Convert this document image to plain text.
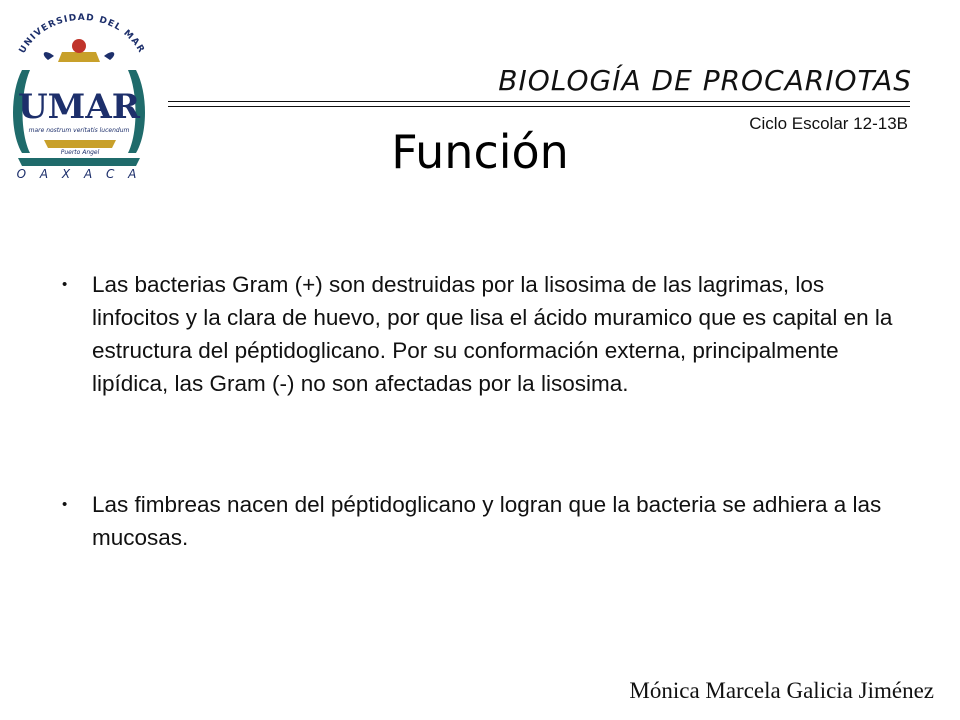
UNIVERSIDAD DEL MAR
UMAR
mare nostrum veritatis lucendum
Puerto Angel
O A X A C A
BIOLOGÍA DE PROCARIOTAS
Ciclo Escolar 12-13B
Función
• Las bacterias Gram (+) son destruidas por la lisosima de las lagrimas, los linfocitos y la clara de huevo, por que lisa el ácido muramico que es capital en la estructura del péptidoglicano. Por su conformación externa, principalmente lipídica, las Gram (-) no son afectadas por la lisosima.
• Las fimbreas nacen del péptidoglicano y logran que la bacteria se adhiera a las mucosas.
Mónica Marcela Galicia Jiménez
